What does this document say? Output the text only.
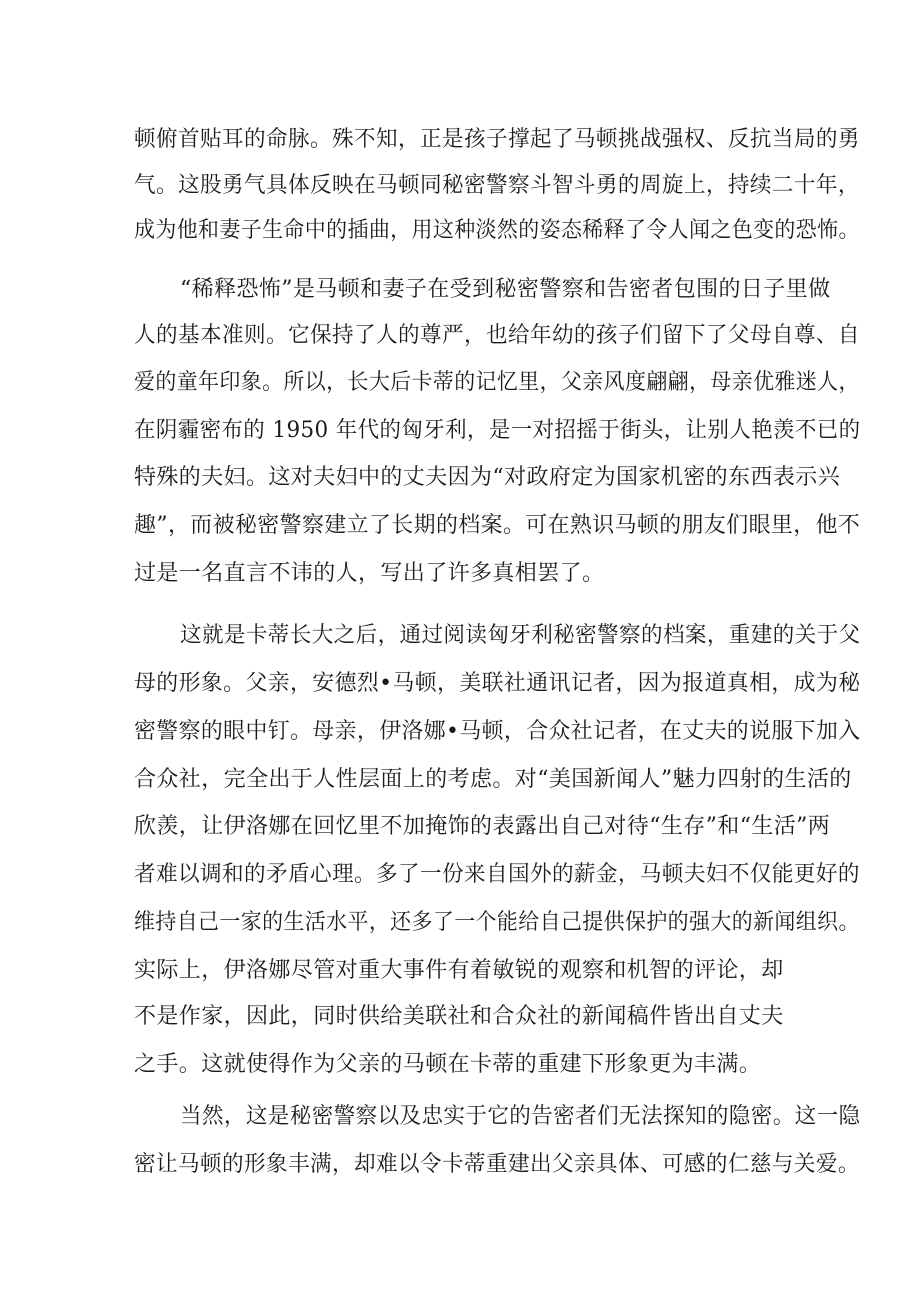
顿俯首贴耳的命脉。殊不知，正是孩子撑起了马顿挑战强权、反抗当局的勇
气。这股勇气具体反映在马顿同秘密警察斗智斗勇的周旋上，持续二十年，
成为他和妻子生命中的插曲，用这种淡然的姿态稀释了令人闻之色变的恐怖。
“稀释恐怖”是马顿和妻子在受到秘密警察和告密者包围的日子里做
人的基本准则。它保持了人的尊严，也给年幼的孩子们留下了父母自尊、自
爱的童年印象。所以，长大后卡蒂的记忆里，父亲风度翩翩，母亲优雅迷人，
在阴霾密布的 1950 年代的匈牙利，是一对招摇于街头，让别人艳羡不已的
特殊的夫妇。这对夫妇中的丈夫因为“对政府定为国家机密的东西表示兴
趣”，而被秘密警察建立了长期的档案。可在熟识马顿的朋友们眼里，他不
过是一名直言不讳的人，写出了许多真相罢了。
这就是卡蒂长大之后，通过阅读匈牙利秘密警察的档案，重建的关于父
母的形象。父亲，安德烈•马顿，美联社通讯记者，因为报道真相，成为秘
密警察的眼中钉。母亲，伊洛娜•马顿，合众社记者，在丈夫的说服下加入
合众社，完全出于人性层面上的考虑。对“美国新闻人”魅力四射的生活的
欣羡，让伊洛娜在回忆里不加掩饰的表露出自己对待“生存”和“生活”两
者难以调和的矛盾心理。多了一份来自国外的薪金，马顿夫妇不仅能更好的
维持自己一家的生活水平，还多了一个能给自己提供保护的强大的新闻组织。
实际上，伊洛娜尽管对重大事件有着敏锐的观察和机智的评论，却
不是作家，因此，同时供给美联社和合众社的新闻稿件皆出自丈夫
之手。这就使得作为父亲的马顿在卡蒂的重建下形象更为丰满。
当然，这是秘密警察以及忠实于它的告密者们无法探知的隐密。这一隐
密让马顿的形象丰满，却难以令卡蒂重建出父亲具体、可感的仁慈与关爱。
